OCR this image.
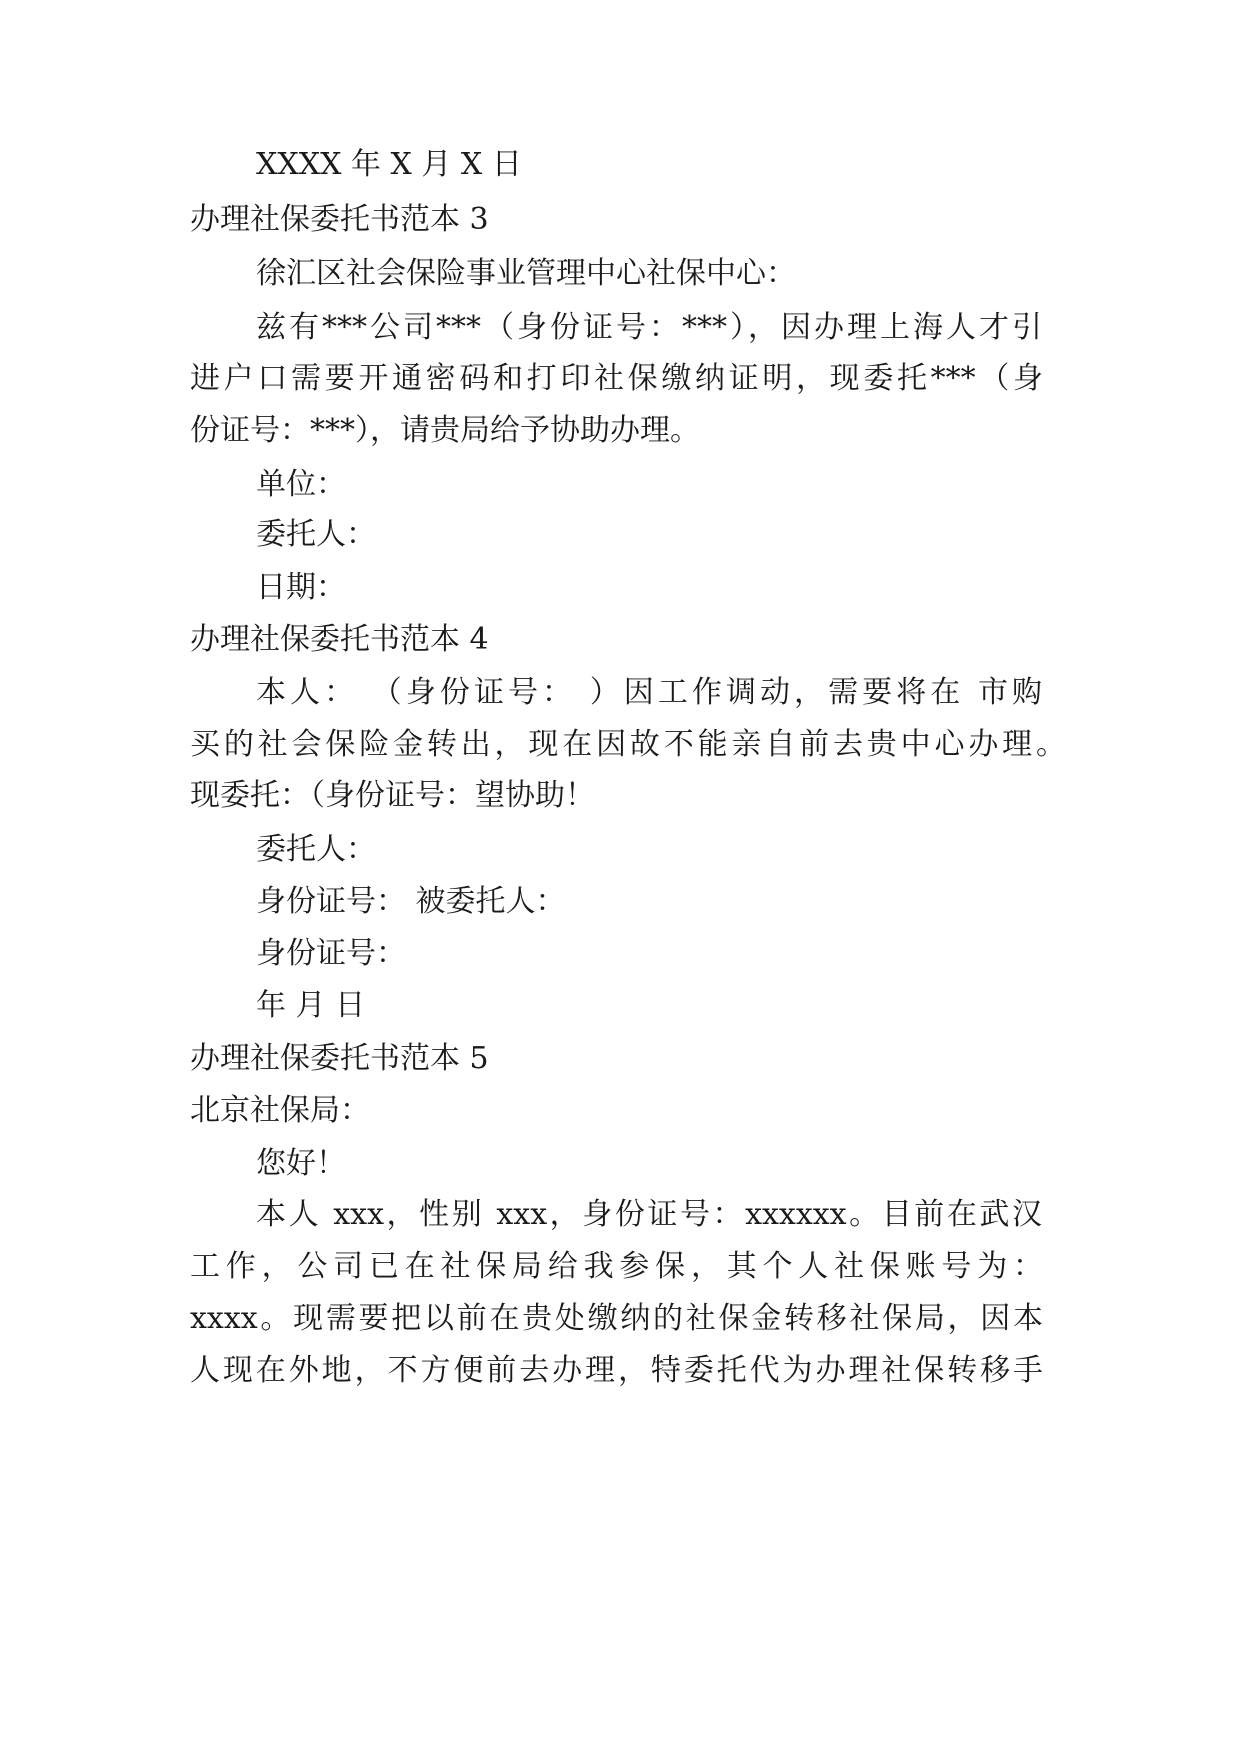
XXXX 年 X 月 X 日
办理社保委托书范本 3
徐汇区社会保险事业管理中心社保中心：
兹有***公司***（身份证号：***），因办理上海人才引
进户口需要开通密码和打印社保缴纳证明，现委托***（身
份证号：***），请贵局给予协助办理。
单位：
委托人：
日期：
办理社保委托书范本 4
本人： （身份证号： ）因工作调动，需要将在 市购
买的社会保险金转出，现在因故不能亲自前去贵中心办理。
现委托：（身份证号：望协助！
委托人：
身份证号： 被委托人：
身份证号：
年 月 日
办理社保委托书范本 5
北京社保局：
您好！
本人 xxx，性别 xxx，身份证号：xxxxxx。目前在武汉
工作，公司已在社保局给我参保，其个人社保账号为：
xxxx。现需要把以前在贵处缴纳的社保金转移社保局，因本
人现在外地，不方便前去办理，特委托代为办理社保转移手
